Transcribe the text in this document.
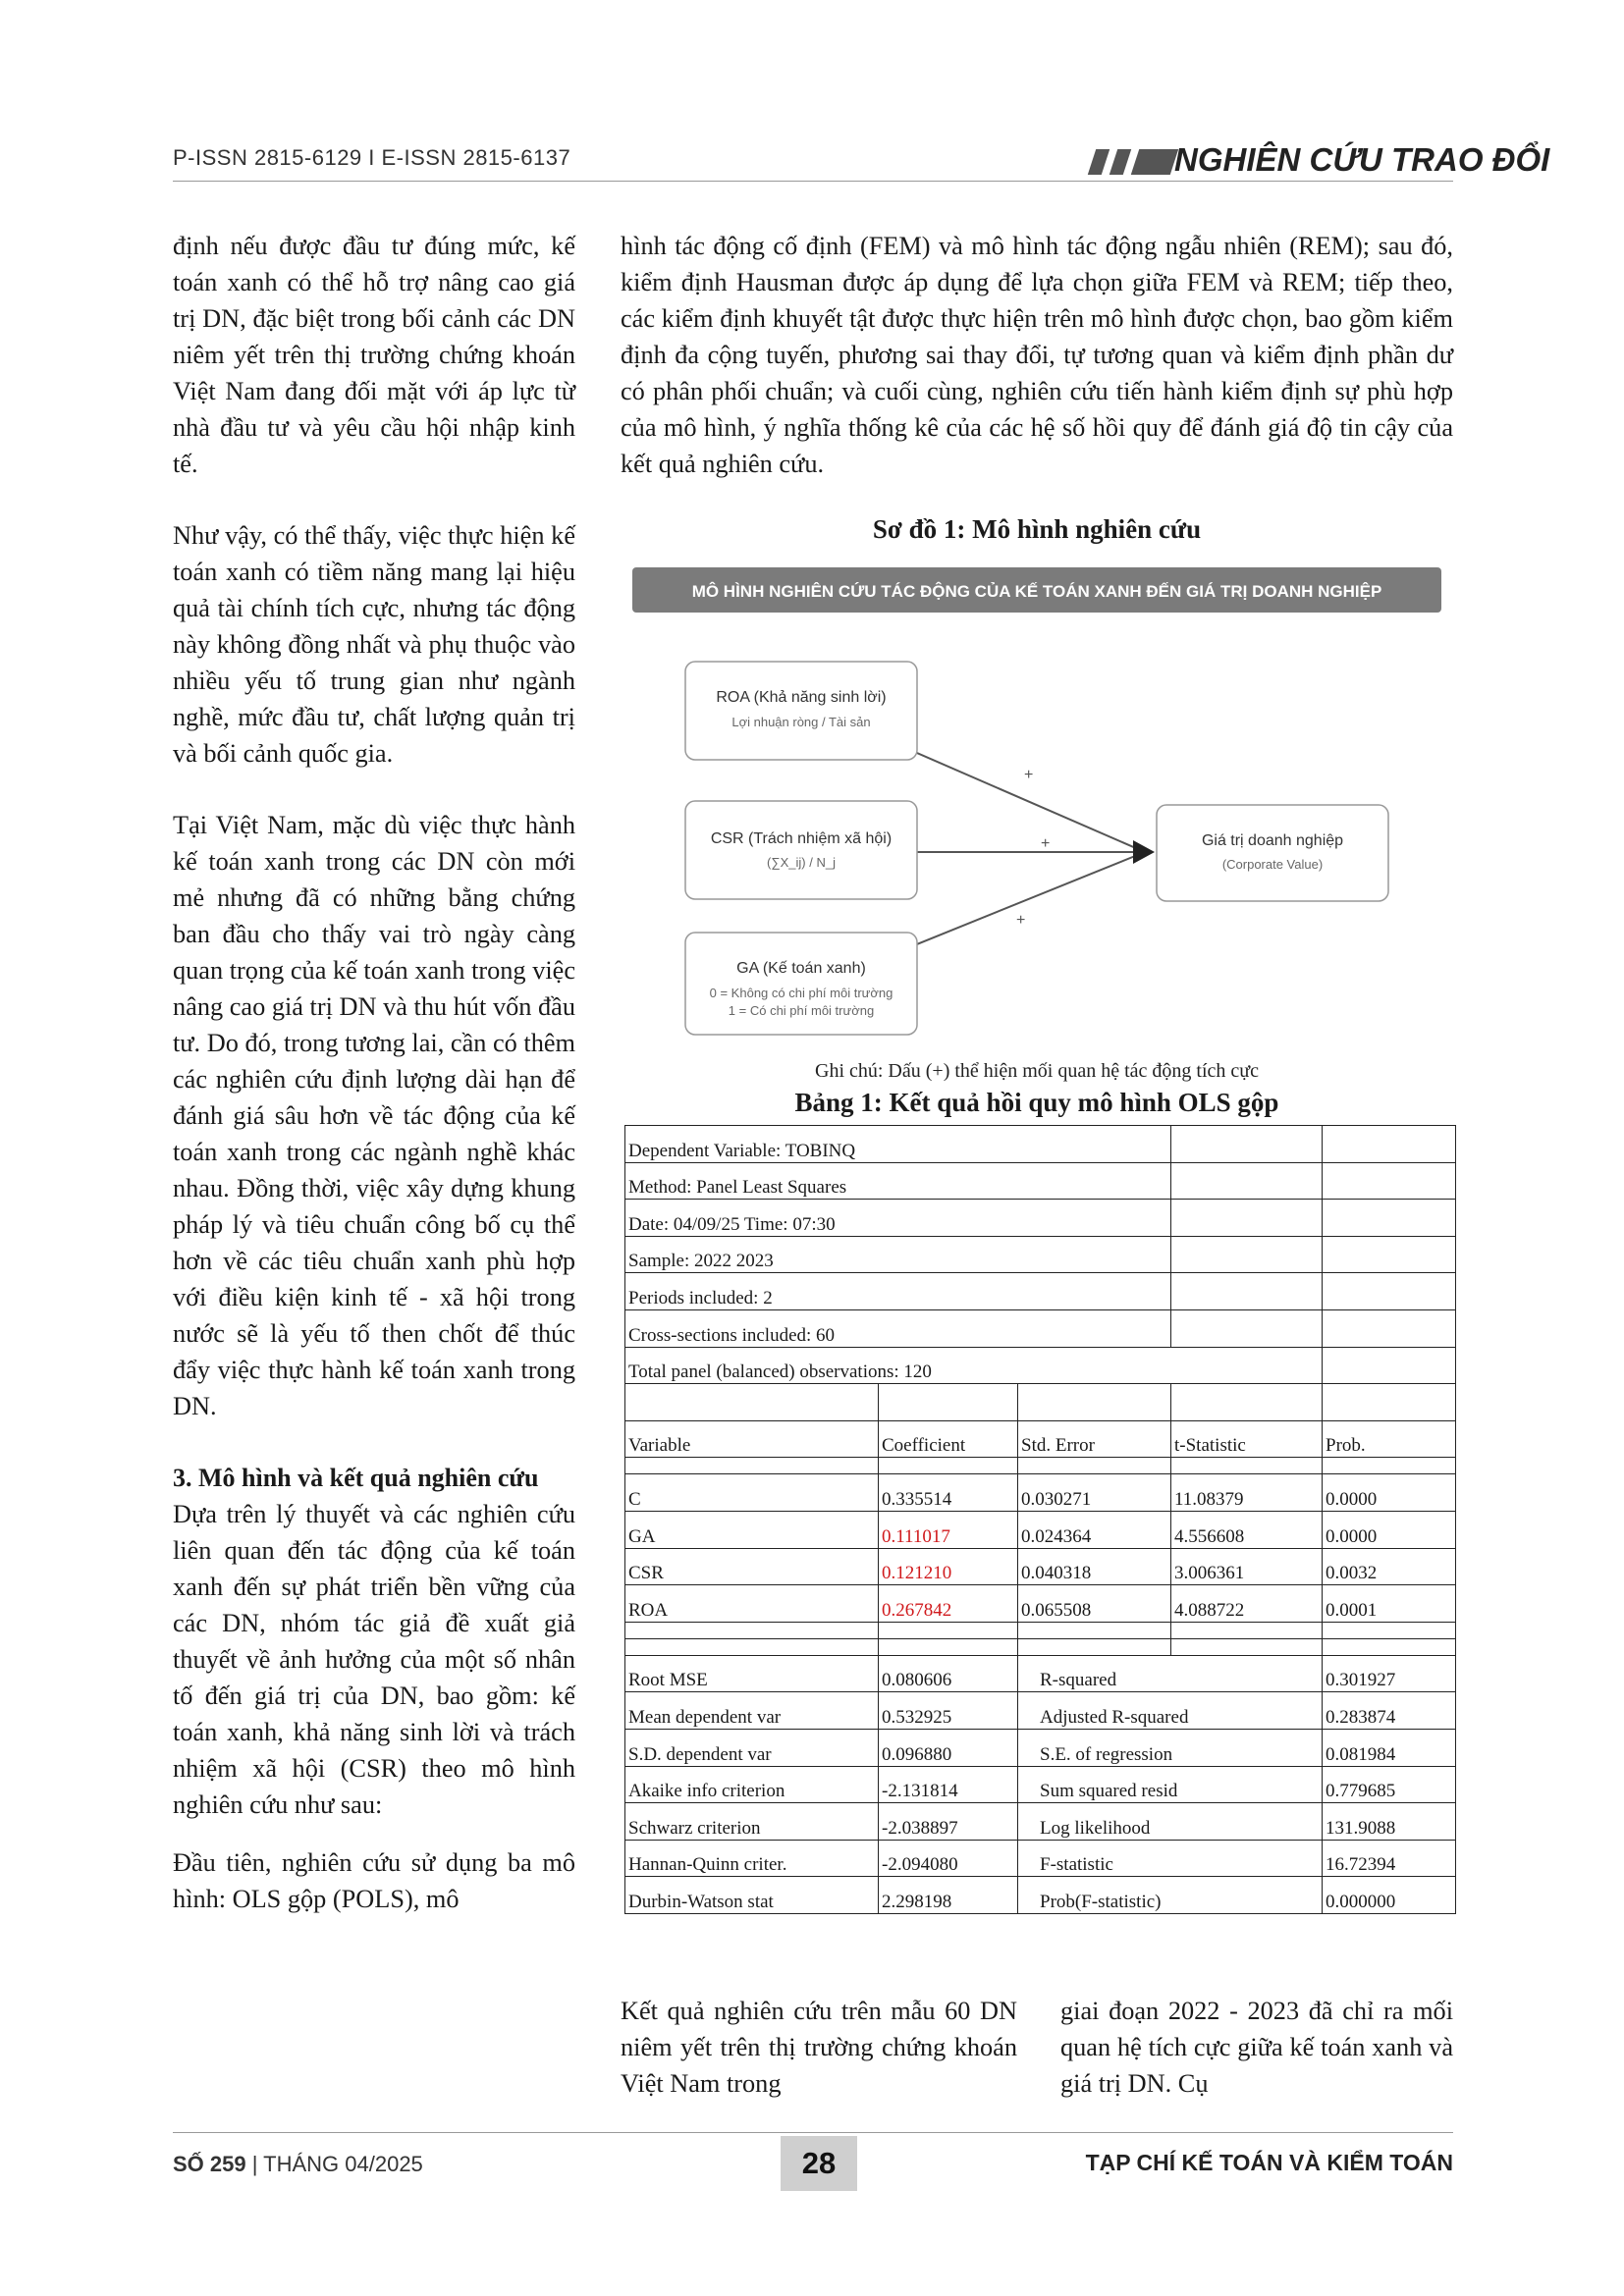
P-ISSN 2815-6129 I E-ISSN 2815-6137	NGHIÊN CỨU TRAO ĐỔI

định nếu được đầu tư đúng mức, kế toán xanh có thể hỗ trợ nâng cao giá trị DN, đặc biệt trong bối cảnh các DN niêm yết trên thị trường chứng khoán Việt Nam đang đối mặt với áp lực từ nhà đầu tư và yêu cầu hội nhập kinh tế.

Như vậy, có thể thấy, việc thực hiện kế toán xanh có tiềm năng mang lại hiệu quả tài chính tích cực, nhưng tác động này không đồng nhất và phụ thuộc vào nhiều yếu tố trung gian như ngành nghề, mức đầu tư, chất lượng quản trị và bối cảnh quốc gia.

Tại Việt Nam, mặc dù việc thực hành kế toán xanh trong các DN còn mới mẻ nhưng đã có những bằng chứng ban đầu cho thấy vai trò ngày càng quan trọng của kế toán xanh trong việc nâng cao giá trị DN và thu hút vốn đầu tư. Do đó, trong tương lai, cần có thêm các nghiên cứu định lượng dài hạn để đánh giá sâu hơn về tác động của kế toán xanh trong các ngành nghề khác nhau. Đồng thời, việc xây dựng khung pháp lý và tiêu chuẩn công bố cụ thể hơn về các tiêu chuẩn xanh phù hợp với điều kiện kinh tế - xã hội trong nước sẽ là yếu tố then chốt để thúc đẩy việc thực hành kế toán xanh trong DN.

3. Mô hình và kết quả nghiên cứu

Dựa trên lý thuyết và các nghiên cứu liên quan đến tác động của kế toán xanh đến sự phát triển bền vững của các DN, nhóm tác giả đề xuất giả thuyết về ảnh hưởng của một số nhân tố đến giá trị của DN, bao gồm: kế toán xanh, khả năng sinh lời và trách nhiệm xã hội (CSR) theo mô hình nghiên cứu như sau:

Đầu tiên, nghiên cứu sử dụng ba mô hình: OLS gộp (POLS), mô

hình tác động cố định (FEM) và mô hình tác động ngẫu nhiên (REM); sau đó, kiểm định Hausman được áp dụng để lựa chọn giữa FEM và REM; tiếp theo, các kiểm định khuyết tật được thực hiện trên mô hình được chọn, bao gồm kiểm định đa cộng tuyến, phương sai thay đổi, tự tương quan và kiểm định phần dư có phân phối chuẩn; và cuối cùng, nghiên cứu tiến hành kiểm định sự phù hợp của mô hình, ý nghĩa thống kê của các hệ số hồi quy để đánh giá độ tin cậy của kết quả nghiên cứu.

Sơ đồ 1: Mô hình nghiên cứu
MÔ HÌNH NGHIÊN CỨU TÁC ĐỘNG CỦA KẾ TOÁN XANH ĐẾN GIÁ TRỊ DOANH NGHIỆP
+
+
+
ROA (Khả năng sinh lời)
Lợi nhuận ròng / Tài sản
CSR (Trách nhiệm xã hội)
(∑X_ij) / N_j
GA (Kế toán xanh)
0 = Không có chi phí môi trường
1 = Có chi phí môi trường
Giá trị doanh nghiệp
(Corporate Value)
Ghi chú: Dấu (+) thể hiện mối quan hệ tác động tích cực
Bảng 1: Kết quả hồi quy mô hình OLS gộp
Dependent Variable: TOBINQ				
Method: Panel Least Squares				
Date: 04/09/25 Time: 07:30				
Sample: 2022 2023				
Periods included: 2				
Cross-sections included: 60				
Total panel (balanced) observations: 120				

Variable	Coefficient	Std. Error	t-Statistic	Prob.

C	0.335514	0.030271	11.08379	0.0000
GA	0.111017	0.024364	4.556608	0.0000
CSR	0.121210	0.040318	3.006361	0.0032
ROA	0.267842	0.065508	4.088722	0.0001

Root MSE	0.080606	R-squared		0.301927
Mean dependent var	0.532925	Adjusted R-squared		0.283874
S.D. dependent var	0.096880	S.E. of regression		0.081984
Akaike info criterion	-2.131814	Sum squared resid		0.779685
Schwarz criterion	-2.038897	Log likelihood		131.9088
Hannan-Quinn criter.	-2.094080	F-statistic		16.72394
Durbin-Watson stat	2.298198	Prob(F-statistic)		0.000000

Kết quả nghiên cứu trên mẫu 60 DN niêm yết trên thị trường chứng khoán Việt Nam trong

giai đoạn 2022 - 2023 đã chỉ ra mối quan hệ tích cực giữa kế toán xanh và giá trị DN. Cụ

SỐ 259 | THÁNG 04/2025	28	TẠP CHÍ KẾ TOÁN VÀ KIỂM TOÁN
